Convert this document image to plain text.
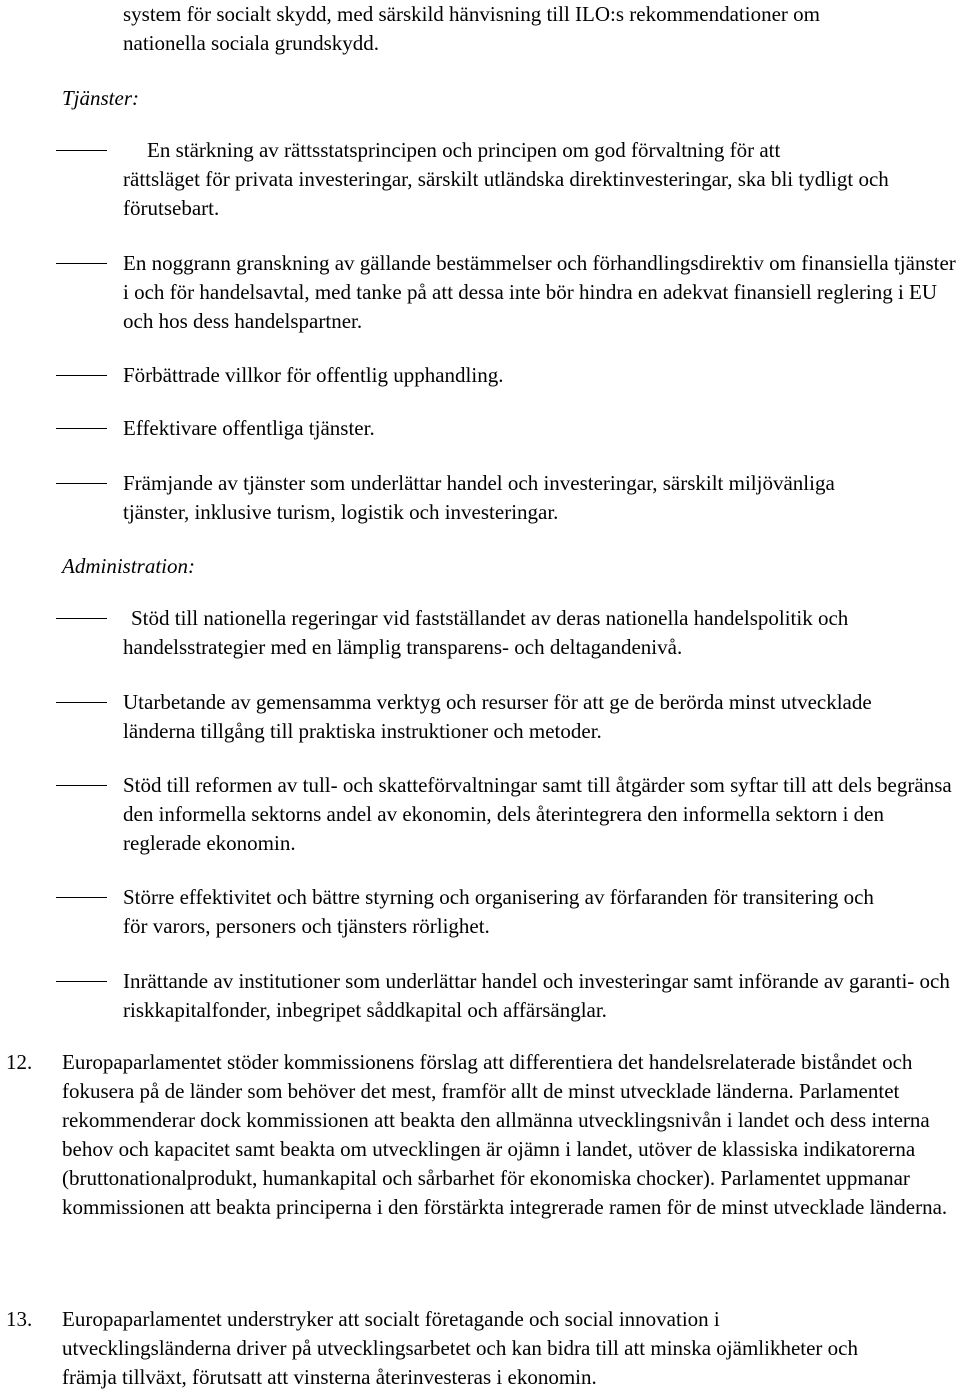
system för socialt skydd, med särskild hänvisning till ILO:s rekommendationer om
nationella sociala grundskydd.
Tjänster:
En stärkning av rättsstatsprincipen och principen om god förvaltning för att
rättsläget för privata investeringar, särskilt utländska direktinvesteringar, ska bli tydligt och förutsebart.
En noggrann granskning av gällande bestämmelser och förhandlingsdirektiv om finansiella tjänster i och för handelsavtal, med tanke på att dessa inte bör hindra en adekvat finansiell reglering i EU och hos dess handelspartner.
Förbättrade villkor för offentlig upphandling.
Effektivare offentliga tjänster.
Främjande av tjänster som underlättar handel och investeringar, särskilt miljövänliga tjänster, inklusive turism, logistik och investeringar.
Administration:
Stöd till nationella regeringar vid fastställandet av deras nationella handelspolitik och handelsstrategier med en lämplig transparens- och deltagandenivå.
Utarbetande av gemensamma verktyg och resurser för att ge de berörda minst utvecklade länderna tillgång till praktiska instruktioner och metoder.
Stöd till reformen av tull- och skatteförvaltningar samt till åtgärder som syftar till att dels begränsa den informella sektorns andel av ekonomin, dels återintegrera den informella sektorn i den reglerade ekonomin.
Större effektivitet och bättre styrning och organisering av förfaranden för transitering och för varors, personers och tjänsters rörlighet.
Inrättande av institutioner som underlättar handel och investeringar samt införande av garanti- och riskkapitalfonder, inbegripet såddkapital och affärsänglar.
12. Europaparlamentet stöder kommissionens förslag att differentiera det handelsrelaterade biståndet och fokusera på de länder som behöver det mest, framför allt de minst utvecklade länderna. Parlamentet rekommenderar dock kommissionen att beakta den allmänna utvecklingsnivån i landet och dess interna behov och kapacitet samt beakta om utvecklingen är ojämn i landet, utöver de klassiska indikatorerna (bruttonationalprodukt, humankapital och sårbarhet för ekonomiska chocker). Parlamentet uppmanar kommissionen att beakta principerna i den förstärkta integrerade ramen för de minst utvecklade länderna.
13. Europaparlamentet understryker att socialt företagande och social innovation i utvecklingsländerna driver på utvecklingsarbetet och kan bidra till att minska ojämlikheter och främja tillväxt, förutsatt att vinsterna återinvesteras i ekonomin.
